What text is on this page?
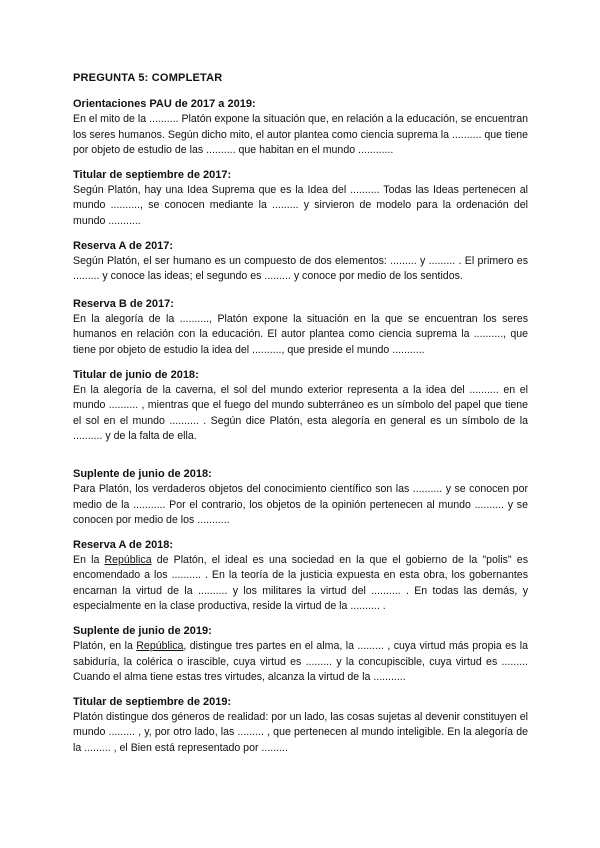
PREGUNTA 5: COMPLETAR
Orientaciones PAU de 2017 a 2019:
En el mito de la .......... Platón expone la situación que, en relación a la educación, se encuentran los seres humanos. Según dicho mito, el autor plantea como ciencia suprema la .......... que tiene por objeto de estudio de las .......... que habitan en el mundo ............
Titular de septiembre de 2017:
Según Platón, hay una Idea Suprema que es la Idea del .......... Todas las Ideas pertenecen al mundo .........., se conocen mediante la ......... y sirvieron de modelo para la ordenación del mundo ...........
Reserva A de 2017:
Según Platón, el ser humano es un compuesto de dos elementos: ......... y ......... . El primero es ......... y conoce las ideas; el segundo es ......... y conoce por medio de los sentidos.
Reserva B de 2017:
En la alegoría de la .........., Platón expone la situación en la que se encuentran los seres humanos en relación con la educación. El autor plantea como ciencia suprema la .........., que tiene por objeto de estudio la idea del .........., que preside el mundo ...........
Titular de junio de 2018:
En la alegoría de la caverna, el sol del mundo exterior representa a la idea del .......... en el mundo .......... , mientras que el fuego del mundo subterráneo es un símbolo del papel que tiene el sol en el mundo .......... . Según dice Platón, esta alegoría en general es un símbolo de la .......... y de la falta de ella.
Suplente de junio de 2018:
Para Platón, los verdaderos objetos del conocimiento científico son las .......... y se conocen por medio de la ........... Por el contrario, los objetos de la opinión pertenecen al mundo .......... y se conocen por medio de los ...........
Reserva A de 2018:
En la República de Platón, el ideal es una sociedad en la que el gobierno de la "polis" es encomendado a los .......... . En la teoría de la justicia expuesta en esta obra, los gobernantes encarnan la virtud de la .......... y los militares la virtud del .......... . En todas las demás, y especialmente en la clase productiva, reside la virtud de la .......... .
Suplente de junio de 2019:
Platón, en la República, distingue tres partes en el alma, la ......... , cuya virtud más propia es la sabiduría, la colérica o irascible, cuya virtud es ......... y la concupiscible, cuya virtud es ......... Cuando el alma tiene estas tres virtudes, alcanza la virtud de la ...........
Titular de septiembre de 2019:
Platón distingue dos géneros de realidad: por un lado, las cosas sujetas al devenir constituyen el mundo ......... , y, por otro lado, las ......... , que pertenecen al mundo inteligible. En la alegoría de la ......... , el Bien está representado por .........
